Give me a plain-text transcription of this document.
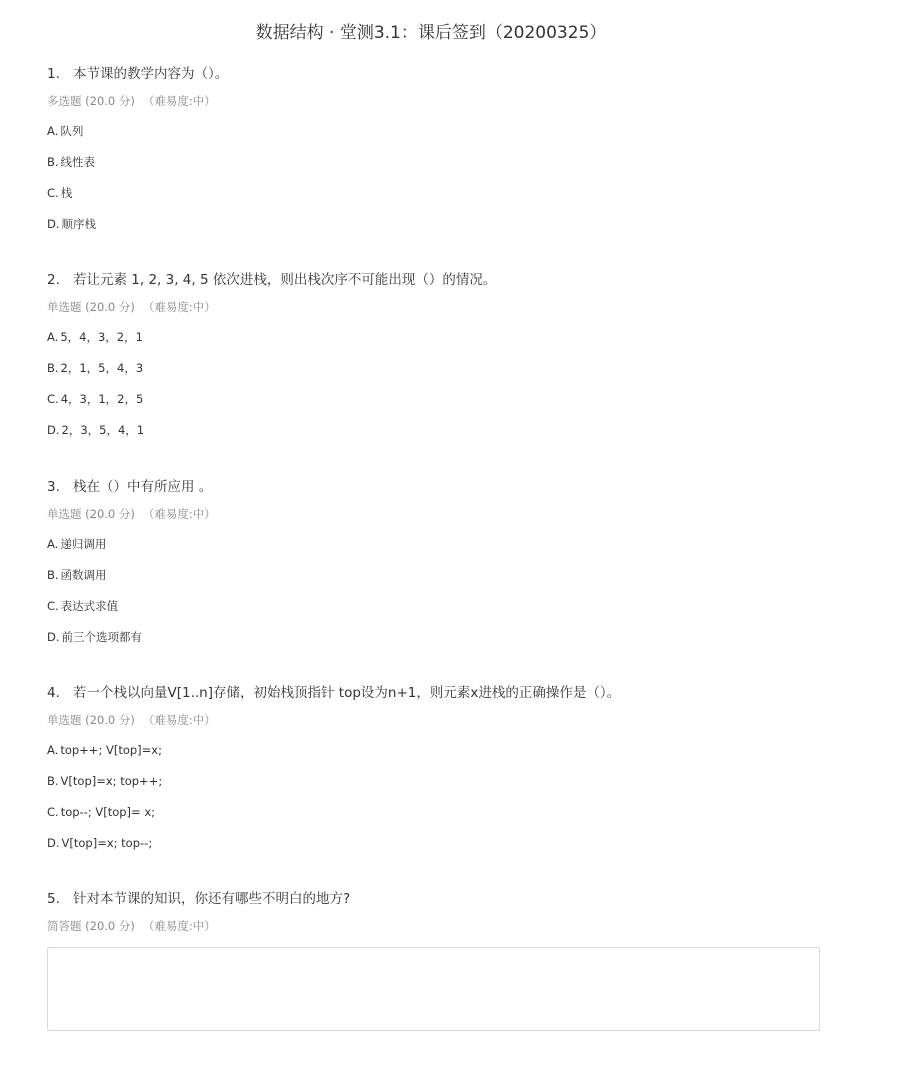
数据结构 · 堂测3.1：课后签到（20200325）
1. 本节课的教学内容为（）。
多选题 (20.0 分) （难易度:中）
A. 队列
B. 线性表
C. 栈
D. 顺序栈
2. 若让元素 1, 2, 3, 4, 5 依次进栈，则出栈次序不可能出现（）的情况。
单选题 (20.0 分) （难易度:中）
A. 5，4，3，2，1
B. 2，1，5，4，3
C. 4，3，1，2，5
D. 2，3，5，4，1
3. 栈在（）中有所应用 。
单选题 (20.0 分) （难易度:中）
A. 递归调用
B. 函数调用
C. 表达式求值
D. 前三个选项都有
4. 若一个栈以向量V[1..n]存储，初始栈顶指针 top设为n+1，则元素x进栈的正确操作是（）。
单选题 (20.0 分) （难易度:中）
A. top++; V[top]=x;
B. V[top]=x; top++;
C. top--; V[top]= x;
D. V[top]=x; top--;
5. 针对本节课的知识，你还有哪些不明白的地方?
简答题 (20.0 分) （难易度:中）
